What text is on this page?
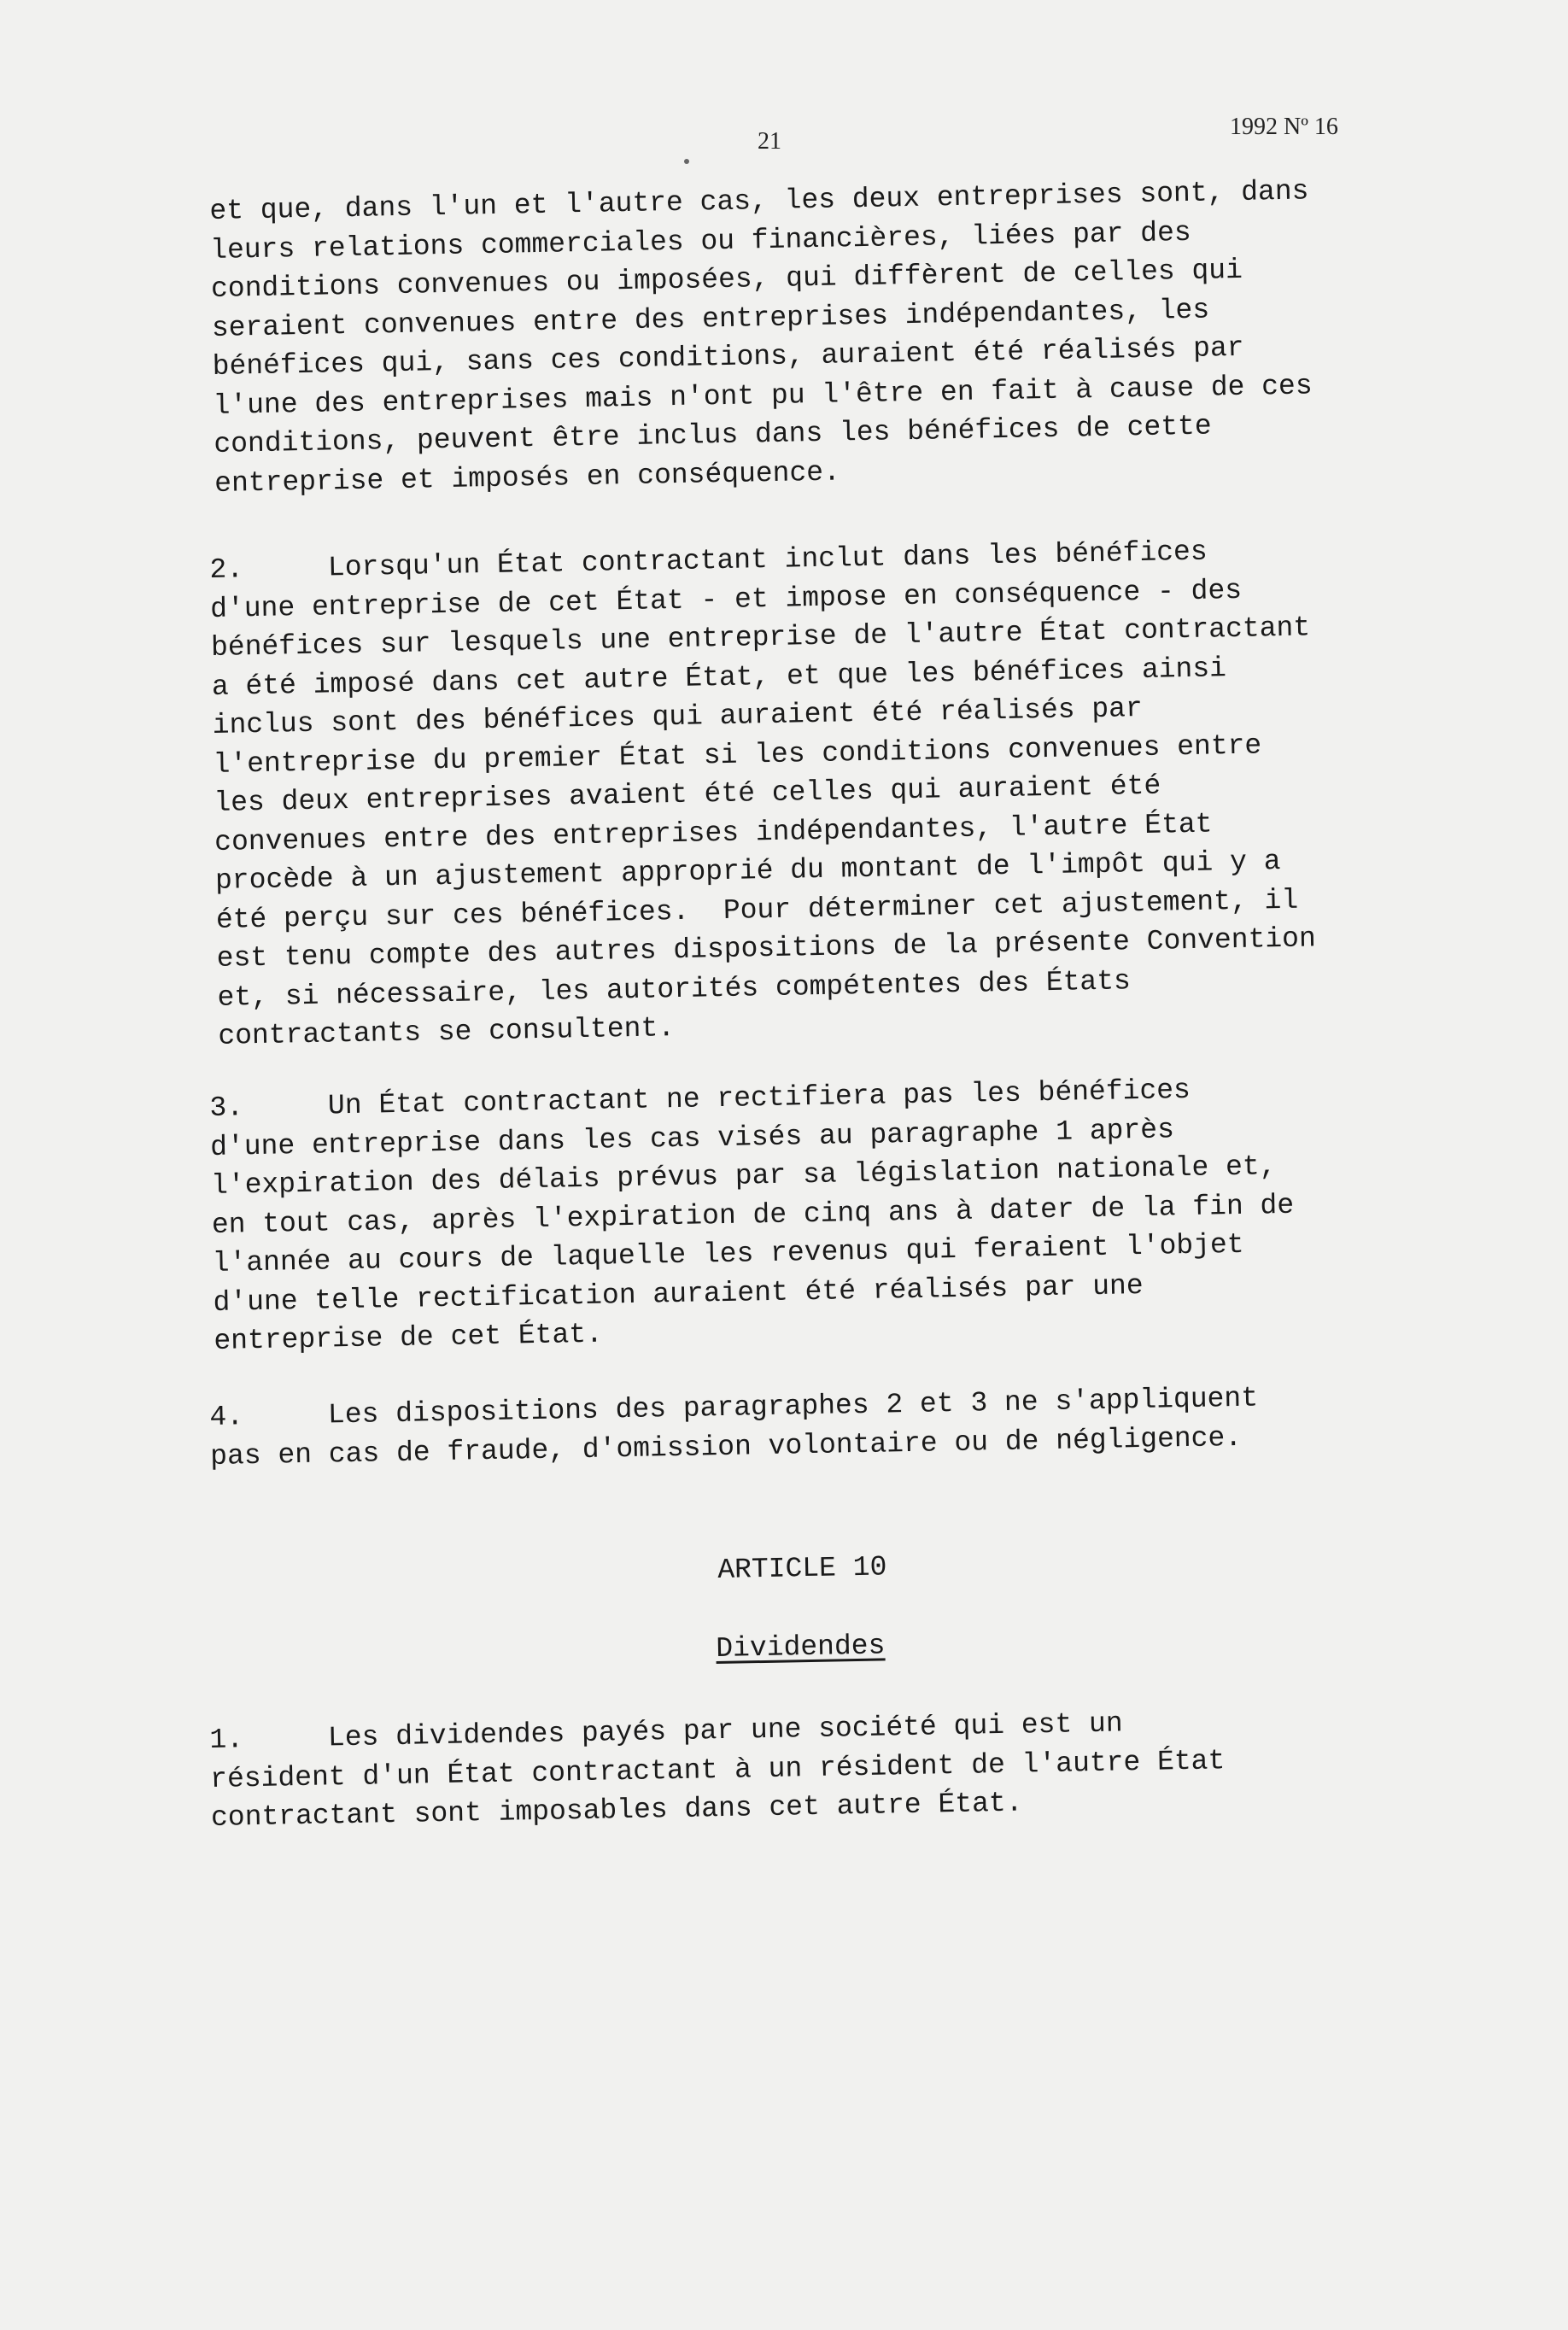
21
1992 Nº 16

et que, dans l'un et l'autre cas, les deux entreprises sont, dans
leurs relations commerciales ou financières, liées par des
conditions convenues ou imposées, qui diffèrent de celles qui
seraient convenues entre des entreprises indépendantes, les
bénéfices qui, sans ces conditions, auraient été réalisés par
l'une des entreprises mais n'ont pu l'être en fait à cause de ces
conditions, peuvent être inclus dans les bénéfices de cette
entreprise et imposés en conséquence.

2.     Lorsqu'un État contractant inclut dans les bénéfices
d'une entreprise de cet État - et impose en conséquence - des
bénéfices sur lesquels une entreprise de l'autre État contractant
a été imposé dans cet autre État, et que les bénéfices ainsi
inclus sont des bénéfices qui auraient été réalisés par
l'entreprise du premier État si les conditions convenues entre
les deux entreprises avaient été celles qui auraient été
convenues entre des entreprises indépendantes, l'autre État
procède à un ajustement approprié du montant de l'impôt qui y a
été perçu sur ces bénéfices.  Pour déterminer cet ajustement, il
est tenu compte des autres dispositions de la présente Convention
et, si nécessaire, les autorités compétentes des États
contractants se consultent.

3.     Un État contractant ne rectifiera pas les bénéfices
d'une entreprise dans les cas visés au paragraphe 1 après
l'expiration des délais prévus par sa législation nationale et,
en tout cas, après l'expiration de cinq ans à dater de la fin de
l'année au cours de laquelle les revenus qui feraient l'objet
d'une telle rectification auraient été réalisés par une
entreprise de cet État.

4.     Les dispositions des paragraphes 2 et 3 ne s'appliquent
pas en cas de fraude, d'omission volontaire ou de négligence.

ARTICLE 10
Dividendes

1.     Les dividendes payés par une société qui est un
résident d'un État contractant à un résident de l'autre État
contractant sont imposables dans cet autre État.
